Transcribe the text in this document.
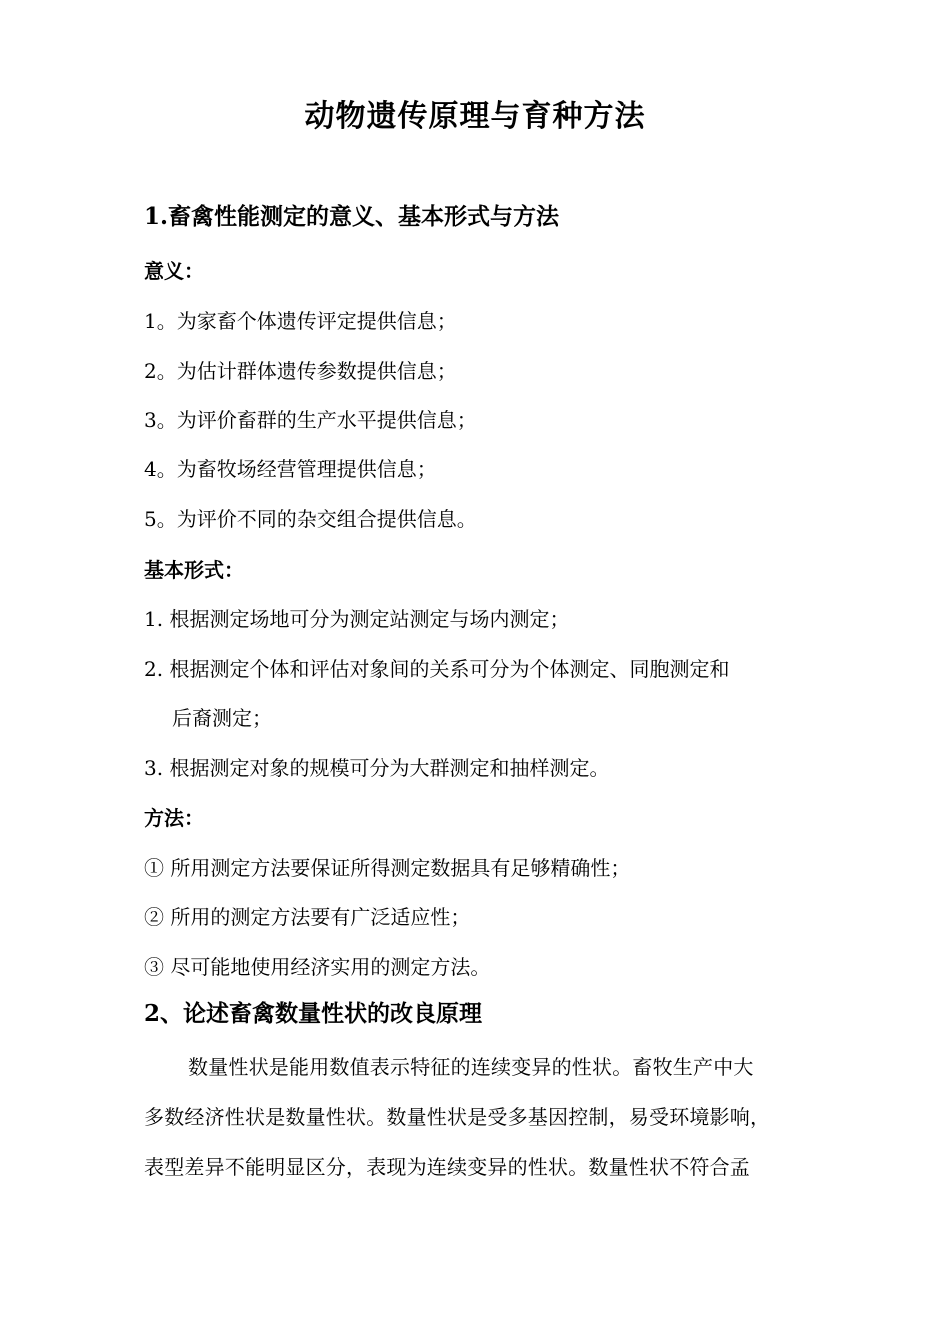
动物遗传原理与育种方法
1.畜禽性能测定的意义、基本形式与方法
意义：
1。为家畜个体遗传评定提供信息；
2。为估计群体遗传参数提供信息；
3。为评价畜群的生产水平提供信息；
4。为畜牧场经营管理提供信息；
5。为评价不同的杂交组合提供信息。
基本形式：
1. 根据测定场地可分为测定站测定与场内测定；
2. 根据测定个体和评估对象间的关系可分为个体测定、同胞测定和
后裔测定；
3. 根据测定对象的规模可分为大群测定和抽样测定。
方法：
① 所用测定方法要保证所得测定数据具有足够精确性；
② 所用的测定方法要有广泛适应性；
③ 尽可能地使用经济实用的测定方法。
2、论述畜禽数量性状的改良原理
数量性状是能用数值表示特征的连续变异的性状。畜牧生产中大
多数经济性状是数量性状。数量性状是受多基因控制，易受环境影响，
表型差异不能明显区分，表现为连续变异的性状。数量性状不符合孟
